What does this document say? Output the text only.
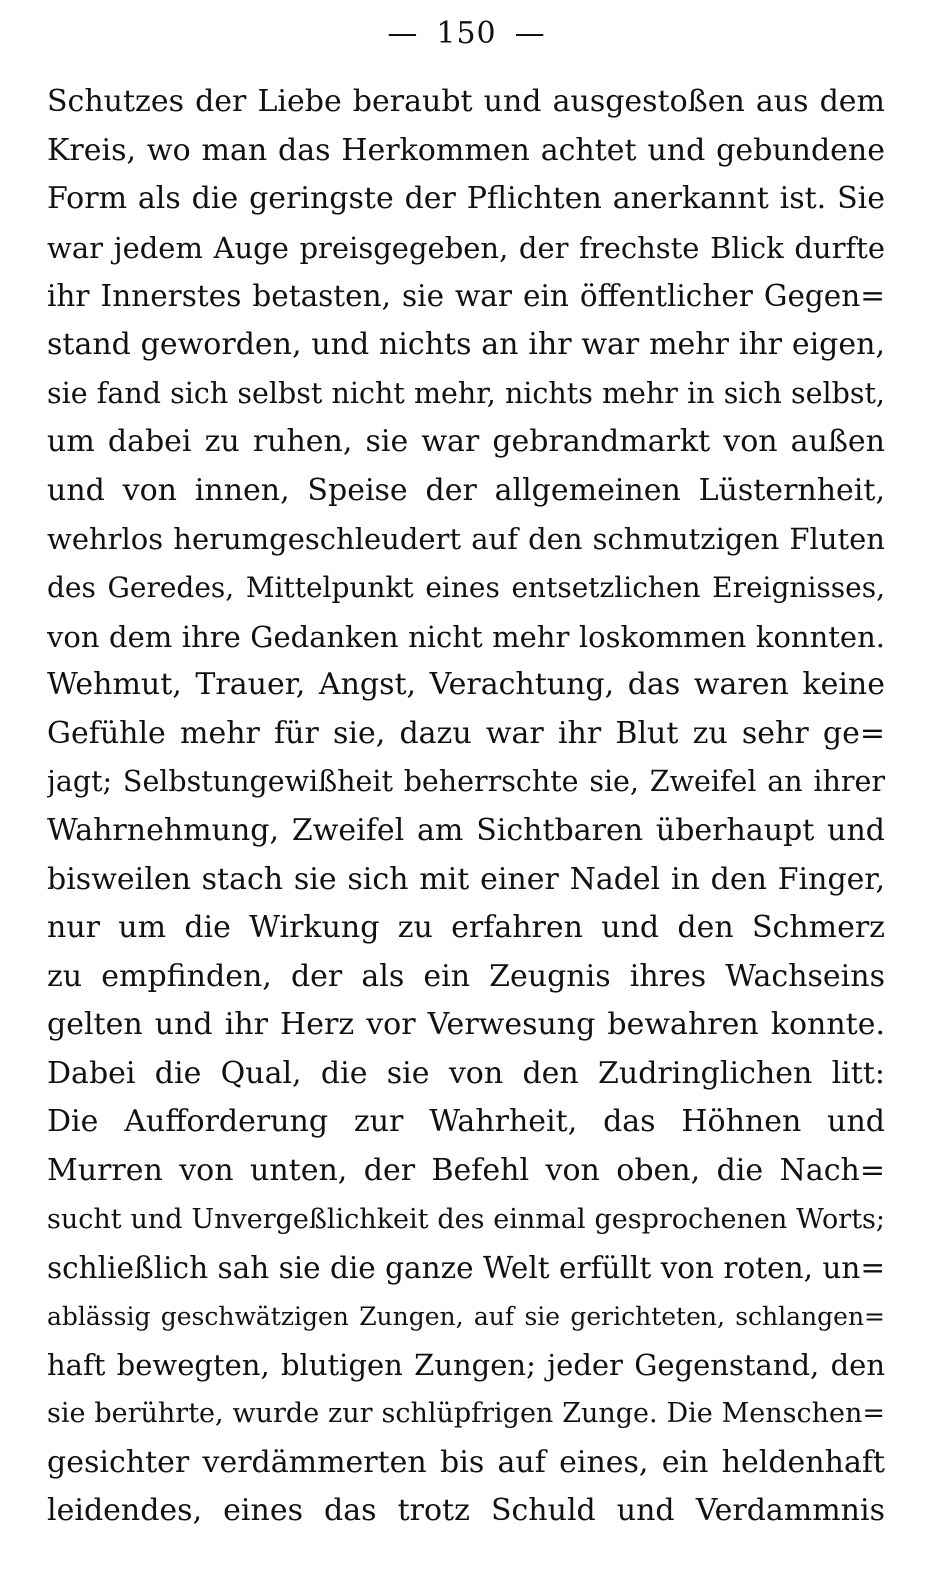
— 150 —
Schutzes der Liebe beraubt und ausgestoßen aus dem
Kreis, wo man das Herkommen achtet und gebundene
Form als die geringste der Pflichten anerkannt ist. Sie
war jedem Auge preisgegeben, der frechste Blick durfte
ihr Innerstes betasten, sie war ein öffentlicher Gegen=
stand geworden, und nichts an ihr war mehr ihr eigen,
sie fand sich selbst nicht mehr, nichts mehr in sich selbst,
um dabei zu ruhen, sie war gebrandmarkt von außen
und von innen, Speise der allgemeinen Lüsternheit,
wehrlos herumgeschleudert auf den schmutzigen Fluten
des Geredes, Mittelpunkt eines entsetzlichen Ereignisses,
von dem ihre Gedanken nicht mehr loskommen konnten.
Wehmut, Trauer, Angst, Verachtung, das waren keine
Gefühle mehr für sie, dazu war ihr Blut zu sehr ge=
jagt; Selbstungewißheit beherrschte sie, Zweifel an ihrer
Wahrnehmung, Zweifel am Sichtbaren überhaupt und
bisweilen stach sie sich mit einer Nadel in den Finger,
nur um die Wirkung zu erfahren und den Schmerz
zu empfinden, der als ein Zeugnis ihres Wachseins
gelten und ihr Herz vor Verwesung bewahren konnte.
Dabei die Qual, die sie von den Zudringlichen litt:
Die Aufforderung zur Wahrheit, das Höhnen und
Murren von unten, der Befehl von oben, die Nach=
sucht und Unvergeßlichkeit des einmal gesprochenen Worts;
schließlich sah sie die ganze Welt erfüllt von roten, un=
ablässig geschwätzigen Zungen, auf sie gerichteten, schlangen=
haft bewegten, blutigen Zungen; jeder Gegenstand, den
sie berührte, wurde zur schlüpfrigen Zunge. Die Menschen=
gesichter verdämmerten bis auf eines, ein heldenhaft
leidendes, eines das trotz Schuld und Verdammnis
